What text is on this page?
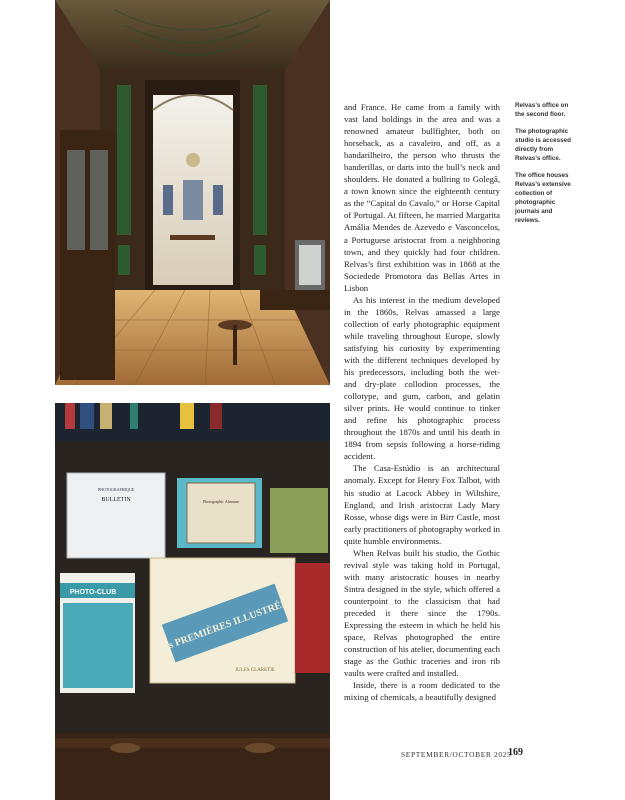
PHOTOGRAPHIQUE
BULLETIN	Photographic Almanac
PHOTO-CLUB
Les PREMIÈRES ILLUSTRÉES
JULES CLARETIE

and France. He came from a family with vast land holdings in the area and was a renowned amateur bullfighter, both on horseback, as a cavaleiro, and off, as a bandarilheiro, the person who thrusts the banderillas, or darts into the bull’s neck and shoulders. He donated a bullring to Golegã, a town known since the eighteenth century as the “Capital do Cavalo,” or Horse Capital of Portugal. At fifteen, he married Margarita Amália Mendes de Azevedo e Vasconcelos, a Portuguese aristocrat from a neighboring town, and they quickly had four children. Relvas’s first exhibition was in 1868 at the Sociedede Promotora das Bellas Artes in Lisbon

As his interest in the medium developed in the 1860s, Relvas amassed a large collection of early photographic equipment while traveling throughout Europe, slowly satisfying his curiosity by experimenting with the different techniques developed by his predecessors, including both the wet- and dry-plate collodion processes, the collotype, and gum, carbon, and gelatin silver prints. He would continue to tinker and refine his photographic process throughout the 1870s and until his death in 1894 from sepsis following a horse-riding accident.

The Casa-Estúdio is an architectural anomaly. Except for Henry Fox Talbot, with his studio at Lacock Abbey in Wiltshire, England, and Irish aristocrat Lady Mary Rosse, whose digs were in Birr Castle, most early practitioners of photography worked in quite humble environments.

When Relvas built his studio, the Gothic revival style was taking hold in Portugal, with many aristocratic houses in nearby Sintra designed in the style, which offered a counterpoint to the classicism that had preceded it there since the 1790s. Expressing the esteem in which he held his space, Relvas photographed the entire construction of his atelier, documenting each stage as the Gothic traceries and iron rib vaults were crafted and installed.

Inside, there is a room dedicated to the mixing of chemicals, a beautifully designed

Relvas’s office on the second floor.

The photographic studio is accessed directly from Relvas’s office.

The office houses Relvas’s extensive collection of photographic journals and reviews.

SEPTEMBER/OCTOBER 2025
169
